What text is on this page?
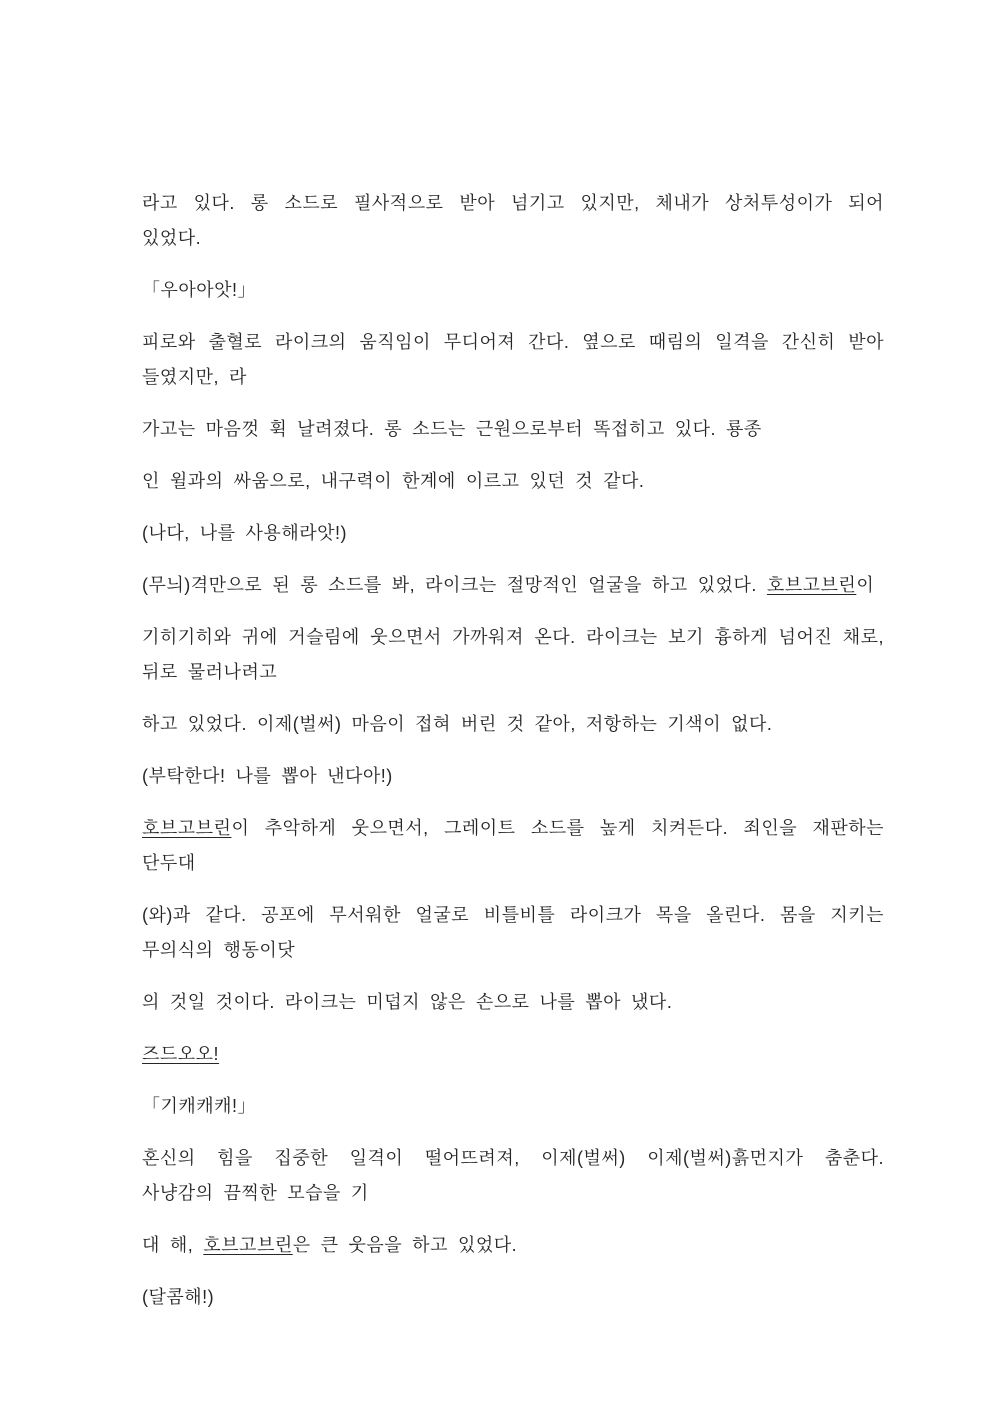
라고 있다. 롱 소드로 필사적으로 받아 넘기고 있지만, 체내가 상처투성이가 되어 있었다.

「우아아앗!」

피로와 출혈로 라이크의 움직임이 무디어져 간다. 옆으로 때림의 일격을 간신히 받아 들였지만, 라

가고는 마음껏 휙 날려졌다. 롱 소드는 근원으로부터 똑접히고 있다. 룡종

인 윌과의 싸움으로, 내구력이 한계에 이르고 있던 것 같다.

(나다, 나를 사용해라앗!)

(무늬)격만으로 된 롱 소드를 봐, 라이크는 절망적인 얼굴을 하고 있었다. 호브고브린이

기히기히와 귀에 거슬림에 웃으면서 가까워져 온다. 라이크는 보기 흉하게 넘어진 채로, 뒤로 물러나려고

하고 있었다. 이제(벌써) 마음이 접혀 버린 것 같아, 저항하는 기색이 없다.

(부탁한다! 나를 뽑아 낸다아!)

호브고브린이 추악하게 웃으면서, 그레이트 소드를 높게 치켜든다. 죄인을 재판하는 단두대

(와)과 같다. 공포에 무서워한 얼굴로 비틀비틀 라이크가 목을 올린다. 몸을 지키는 무의식의 행동이닷

의 것일 것이다. 라이크는 미덥지 않은 손으로 나를 뽑아 냈다.

즈드오오!

「기캐캐캐!」

혼신의 힘을 집중한 일격이 떨어뜨려져, 이제(벌써) 이제(벌써)흙먼지가 춤춘다. 사냥감의 끔찍한 모습을 기

대 해, 호브고브린은 큰 웃음을 하고 있었다.

(달콤해!)
